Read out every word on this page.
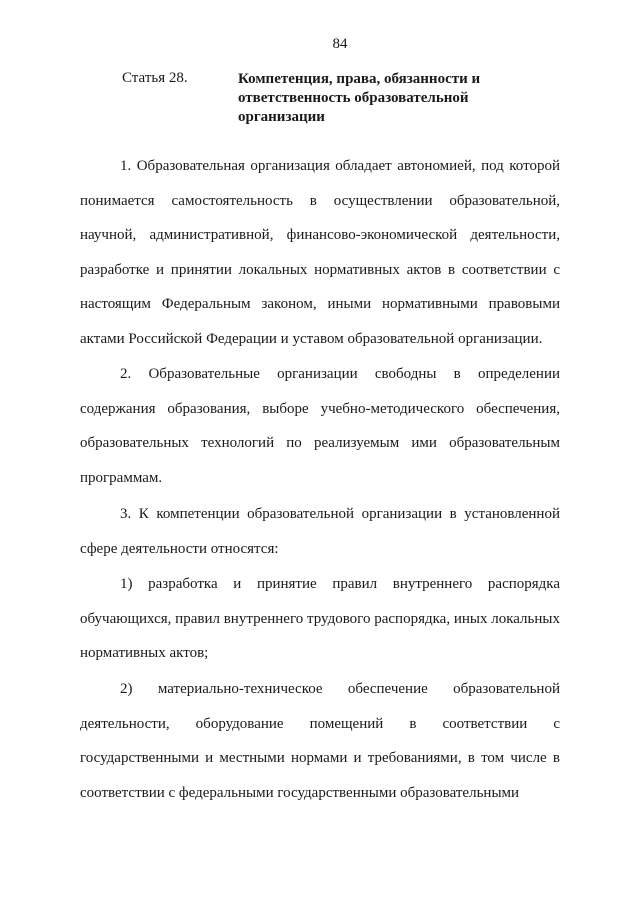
84
Статья 28.	Компетенция, права, обязанности и ответственность образовательной организации

1. Образовательная организация обладает автономией, под которой понимается самостоятельность в осуществлении образовательной, научной, административной, финансово-экономической деятельности, разработке и принятии локальных нормативных актов в соответствии с настоящим Федеральным законом, иными нормативными правовыми актами Российской Федерации и уставом образовательной организации.

2. Образовательные организации свободны в определении содержания образования, выборе учебно-методического обеспечения, образовательных технологий по реализуемым ими образовательным программам.

3. К компетенции образовательной организации в установленной сфере деятельности относятся:

1) разработка и принятие правил внутреннего распорядка обучающихся, правил внутреннего трудового распорядка, иных локальных нормативных актов;

2) материально-техническое обеспечение образовательной деятельности, оборудование помещений в соответствии с государственными и местными нормами и требованиями, в том числе в соответствии с федеральными государственными образовательными
